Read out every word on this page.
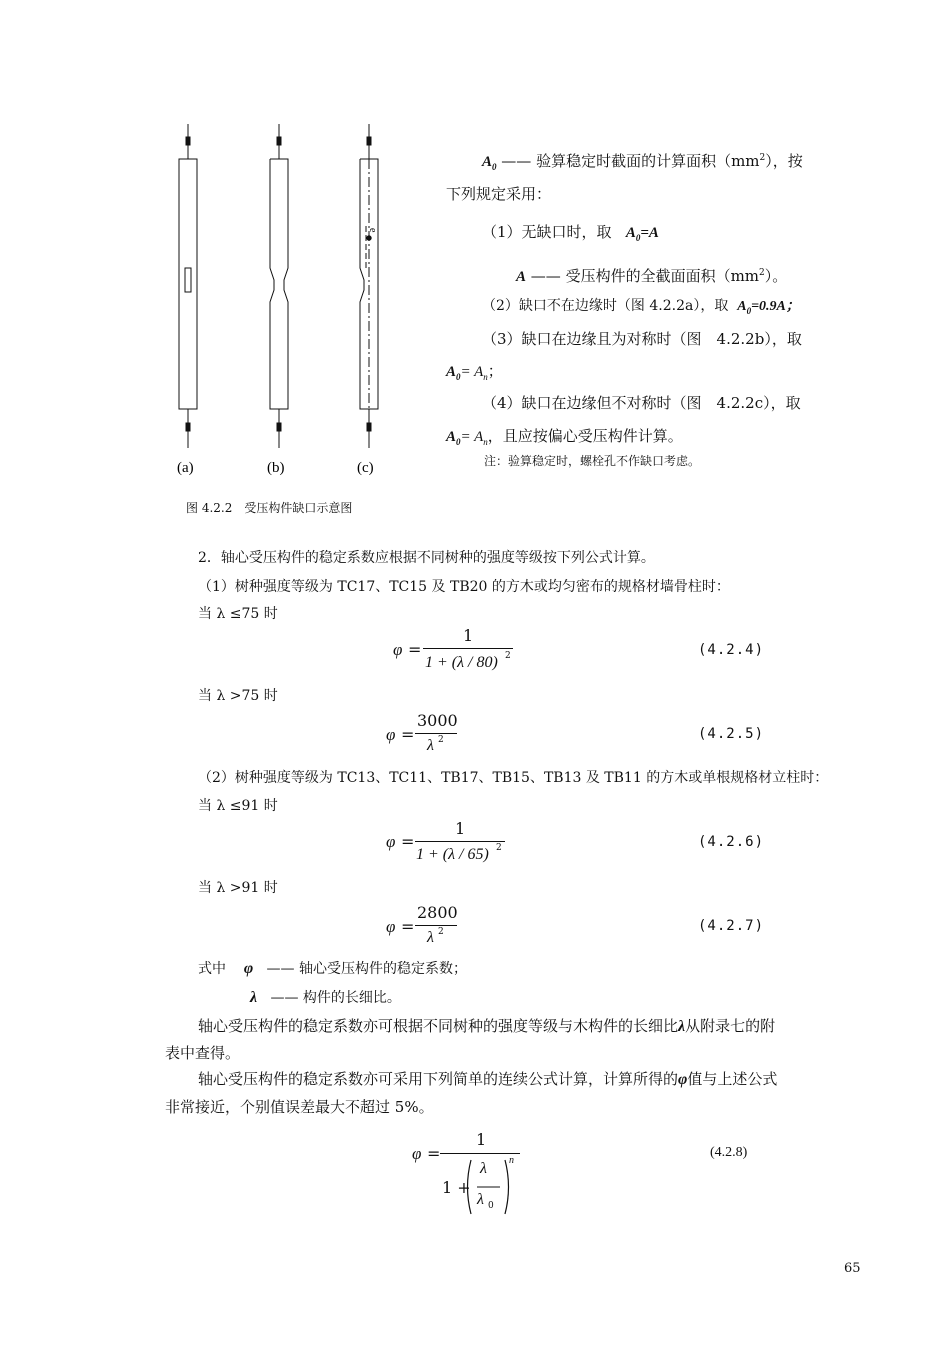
e
(a)	(b)	(c)
图 4.2.2　受压构件缺口示意图
$A_0$ —— 验算稳定时截面的计算面积$(mm^2)$，按
下列规定采用：
（1）无缺口时，取 $A_0=A$
A —— 受压构件的全截面面积$(mm^2)$。
（2）缺口不在边缘时（图 4.2.2a），取 $A_0=0.9A$；
（3）缺口在边缘且为对称时（图　4.2.2b），取
$A_0= A_n$；
（4）缺口在边缘但不对称时（图　4.2.2c），取
$A_0= A_n$，且应按偏心受压构件计算。
注：验算稳定时，螺栓孔不作缺口考虑。
2．轴心受压构件的稳定系数应根据不同树种的强度等级按下列公式计算。
（1）树种强度等级为 TC17、TC15 及 TB20 的方木或均匀密布的规格材墙骨柱时：
当 λ ≤75 时
φ =
1
1 + (λ / 80) 2	(4.2.4)
当 λ >75 时
φ =
3000
λ 2	(4.2.5)
（2）树种强度等级为 TC13、TC11、TB17、TB15、TB13 及 TB11 的方木或单根规格材立柱时：
当 λ ≤91 时
φ =
1
1 + (λ / 65) 2	(4.2.6)
当 λ >91 时
φ =
2800
λ 2	(4.2.7)
式中 φ —— 轴心受压构件的稳定系数；
λ —— 构件的长细比。
轴心受压构件的稳定系数亦可根据不同树种的强度等级与木构件的长细比λ从附录七的附
表中查得。
轴心受压构件的稳定系数亦可采用下列简单的连续公式计算，计算所得的φ值与上述公式
非常接近，个别值误差最大不超过 5%。
φ =
1
1 +
λ
λ 0
n
(4.2.8)
65
